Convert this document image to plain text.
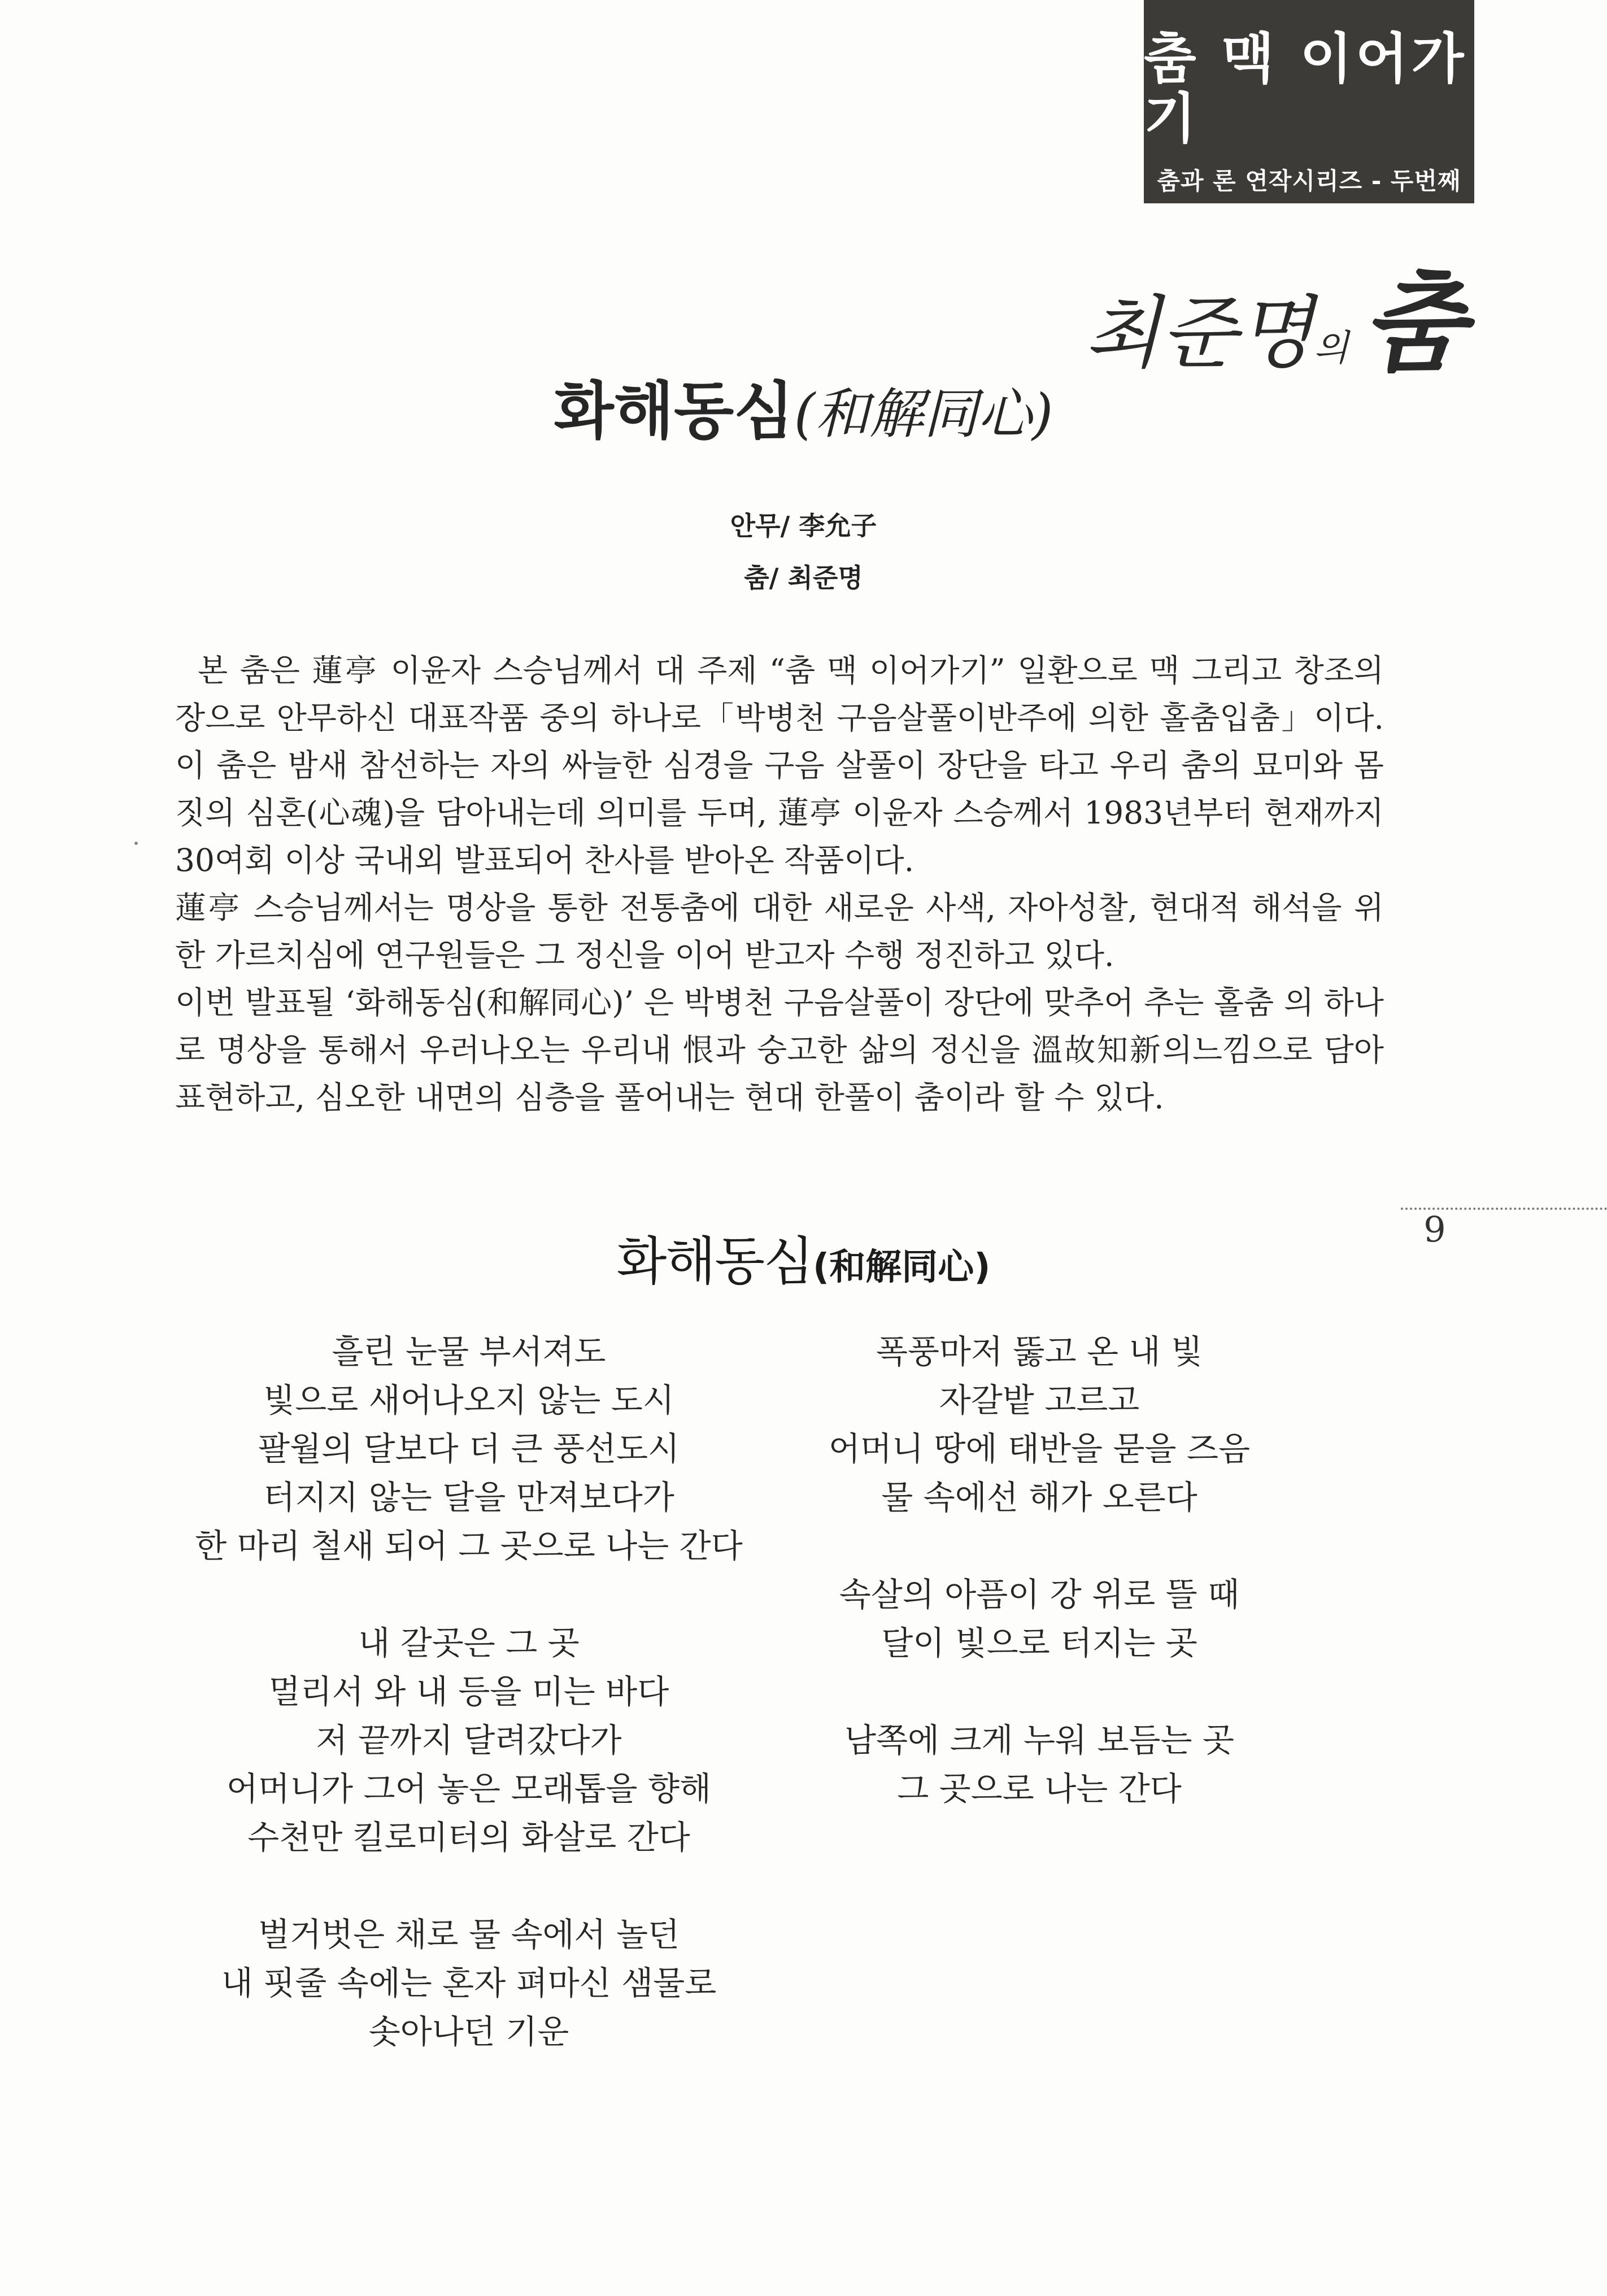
춤 맥 이어가기
춤과 론 연작시리즈 - 두번째
최준명의 춤
화해동심(和解同心)
안무/ 李允子
춤/ 최준명

본 춤은 蓮亭 이윤자 스승님께서 대 주제 “춤 맥 이어가기” 일환으로 맥 그리고 창조의 장으로 안무하신 대표작품 중의 하나로「박병천 구음살풀이반주에 의한 홀춤입춤」이다. 이 춤은 밤새 참선하는 자의 싸늘한 심경을 구음 살풀이 장단을 타고 우리 춤의 묘미와 몸짓의 심혼(心魂)을 담아내는데 의미를 두며, 蓮亭 이윤자 스승께서 1983년부터 현재까지 30여회 이상 국내외 발표되어 찬사를 받아온 작품이다.

蓮亭 스승님께서는 명상을 통한 전통춤에 대한 새로운 사색, 자아성찰, 현대적 해석을 위한 가르치심에 연구원들은 그 정신을 이어 받고자 수행 정진하고 있다.

이번 발표될 ‘화해동심(和解同心)’ 은 박병천 구음살풀이 장단에 맞추어 추는 홀춤 의 하나로 명상을 통해서 우러나오는 우리내 恨과 숭고한 삶의 정신을 溫故知新의느낌으로 담아 표현하고, 심오한 내면의 심층을 풀어내는 현대 한풀이 춤이라 할 수 있다.

9
화해동심(和解同心)
흘린 눈물 부서져도
빛으로 새어나오지 않는 도시
팔월의 달보다 더 큰 풍선도시
터지지 않는 달을 만져보다가
한 마리 철새 되어 그 곳으로 나는 간다
내 갈곳은 그 곳
멀리서 와 내 등을 미는 바다
저 끝까지 달려갔다가
어머니가 그어 놓은 모래톱을 향해
수천만 킬로미터의 화살로 간다
벌거벗은 채로 물 속에서 놀던
내 핏줄 속에는 혼자 펴마신 샘물로
솟아나던 기운
폭풍마저 뚫고 온 내 빛
자갈밭 고르고
어머니 땅에 태반을 묻을 즈음
물 속에선 해가 오른다
속살의 아픔이 강 위로 뜰 때
달이 빛으로 터지는 곳
남쪽에 크게 누워 보듬는 곳
그 곳으로 나는 간다
